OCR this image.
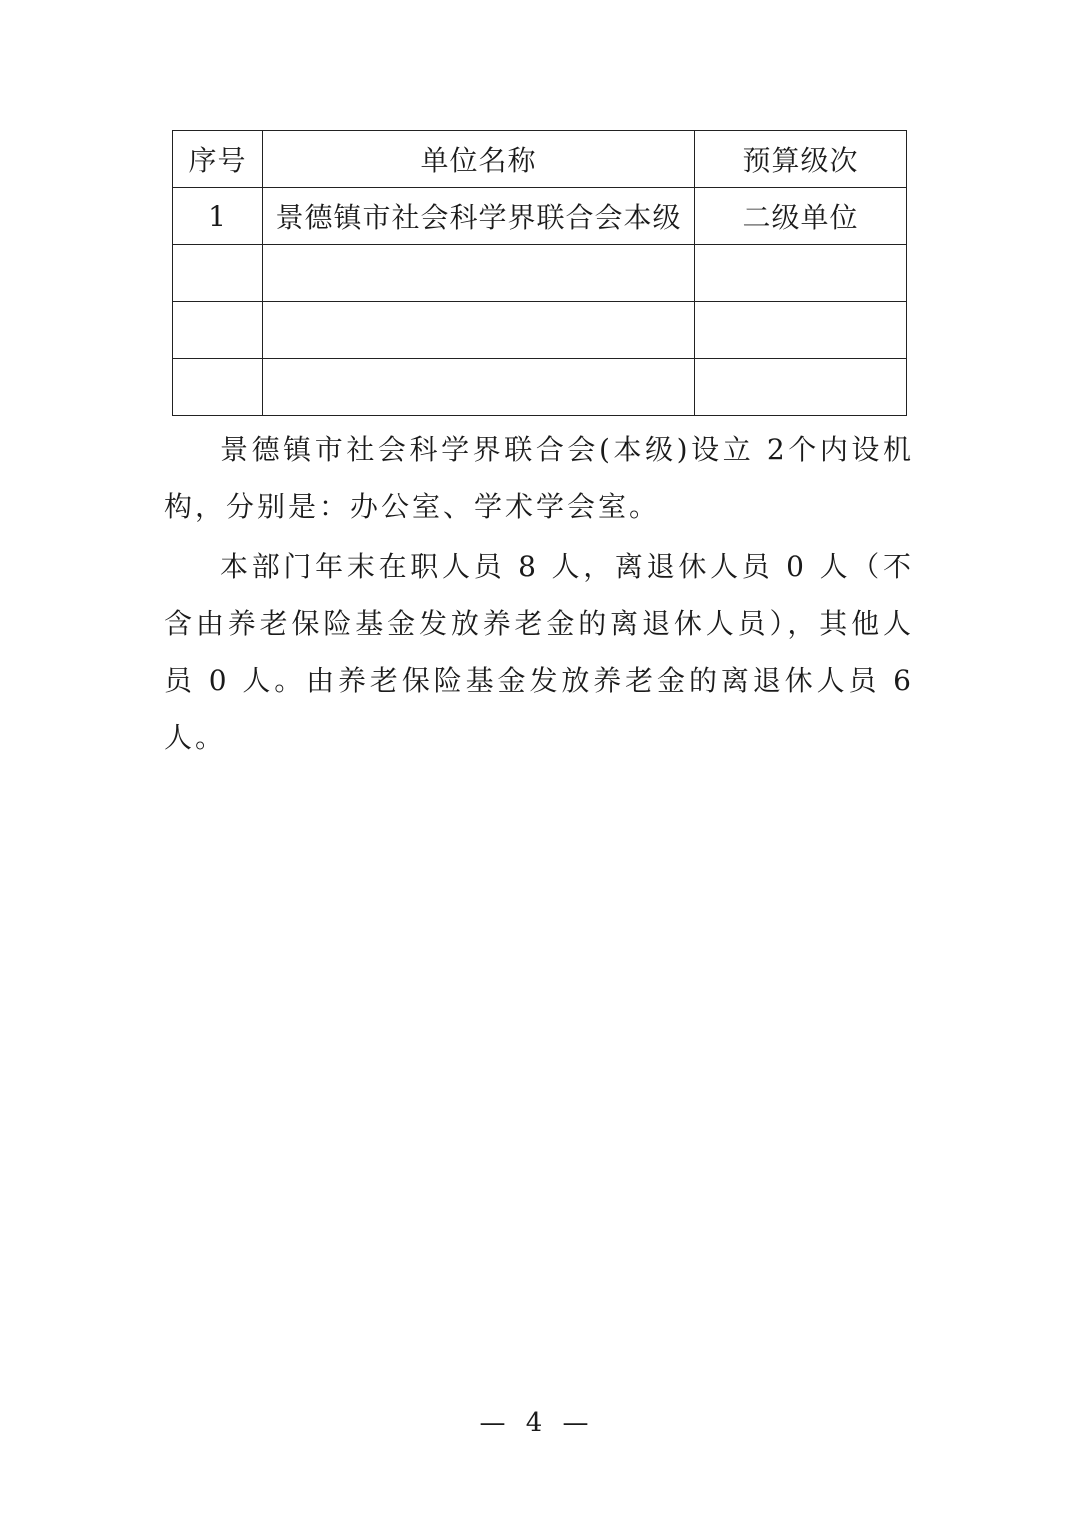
序号	单位名称	预算级次
1	景德镇市社会科学界联合会本级	二级单位

景德镇市社会科学界联合会(本级)设立 2个内设机构，分别是：办公室、学术学会室。

本部门年末在职人员 8 人，离退休人员 0 人（不含由养老保险基金发放养老金的离退休人员），其他人员 0 人。由养老保险基金发放养老金的离退休人员 6 人。

— 4 —
